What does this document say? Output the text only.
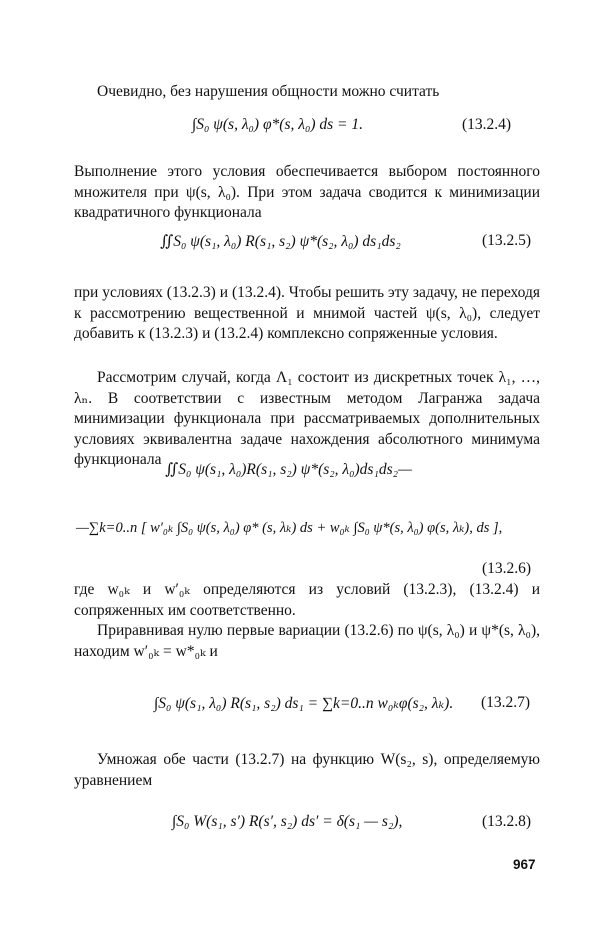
Очевидно, без нарушения общности можно считать
∫S₀ ψ(s, λ₀) φ*(s, λ₀) ds = 1.	(13.2.4)
Выполнение этого условия обеспечивается выбором постоянного множителя при ψ(s, λ₀). При этом задача сводится к минимизации квадратичного функционала
∬S₀ ψ(s₁, λ₀) R(s₁, s₂) ψ*(s₂, λ₀) ds₁ds₂	(13.2.5)
при условиях (13.2.3) и (13.2.4). Чтобы решить эту задачу, не переходя к рассмотрению вещественной и мнимой частей ψ(s, λ₀), следует добавить к (13.2.3) и (13.2.4) комплексно сопряженные условия.
Рассмотрим случай, когда Λ₁ состоит из дискретных точек λ₁, …, λₙ. В соответствии с известным методом Лагранжа задача минимизации функционала при рассматриваемых дополнительных условиях эквивалентна задаче нахождения абсолютного минимума функционала
∬S₀ ψ(s₁, λ₀)R(s₁, s₂) ψ*(s₂, λ₀)ds₁ds₂—
—∑k=0..n [ w′₀ₖ ∫S₀ ψ(s, λ₀) φ* (s, λₖ) ds + w₀ₖ ∫S₀ ψ*(s, λ₀) φ(s, λₖ), ds ],
(13.2.6)
где w₀ₖ и w′₀ₖ определяются из условий (13.2.3), (13.2.4) и сопряженных им соответственно.
Приравнивая нулю первые вариации (13.2.6) по ψ(s, λ₀) и ψ*(s, λ₀), находим w′₀ₖ = w*₀ₖ и
∫S₀ ψ(s₁, λ₀) R(s₁, s₂) ds₁ = ∑k=0..n w₀ₖφ(s₂, λₖ). (13.2.7)
Умножая обе части (13.2.7) на функцию W(s₂, s), определяемую уравнением
∫S₀ W(s₁, s′) R(s′, s₂) ds′ = δ(s₁ — s₂),	(13.2.8)
967
